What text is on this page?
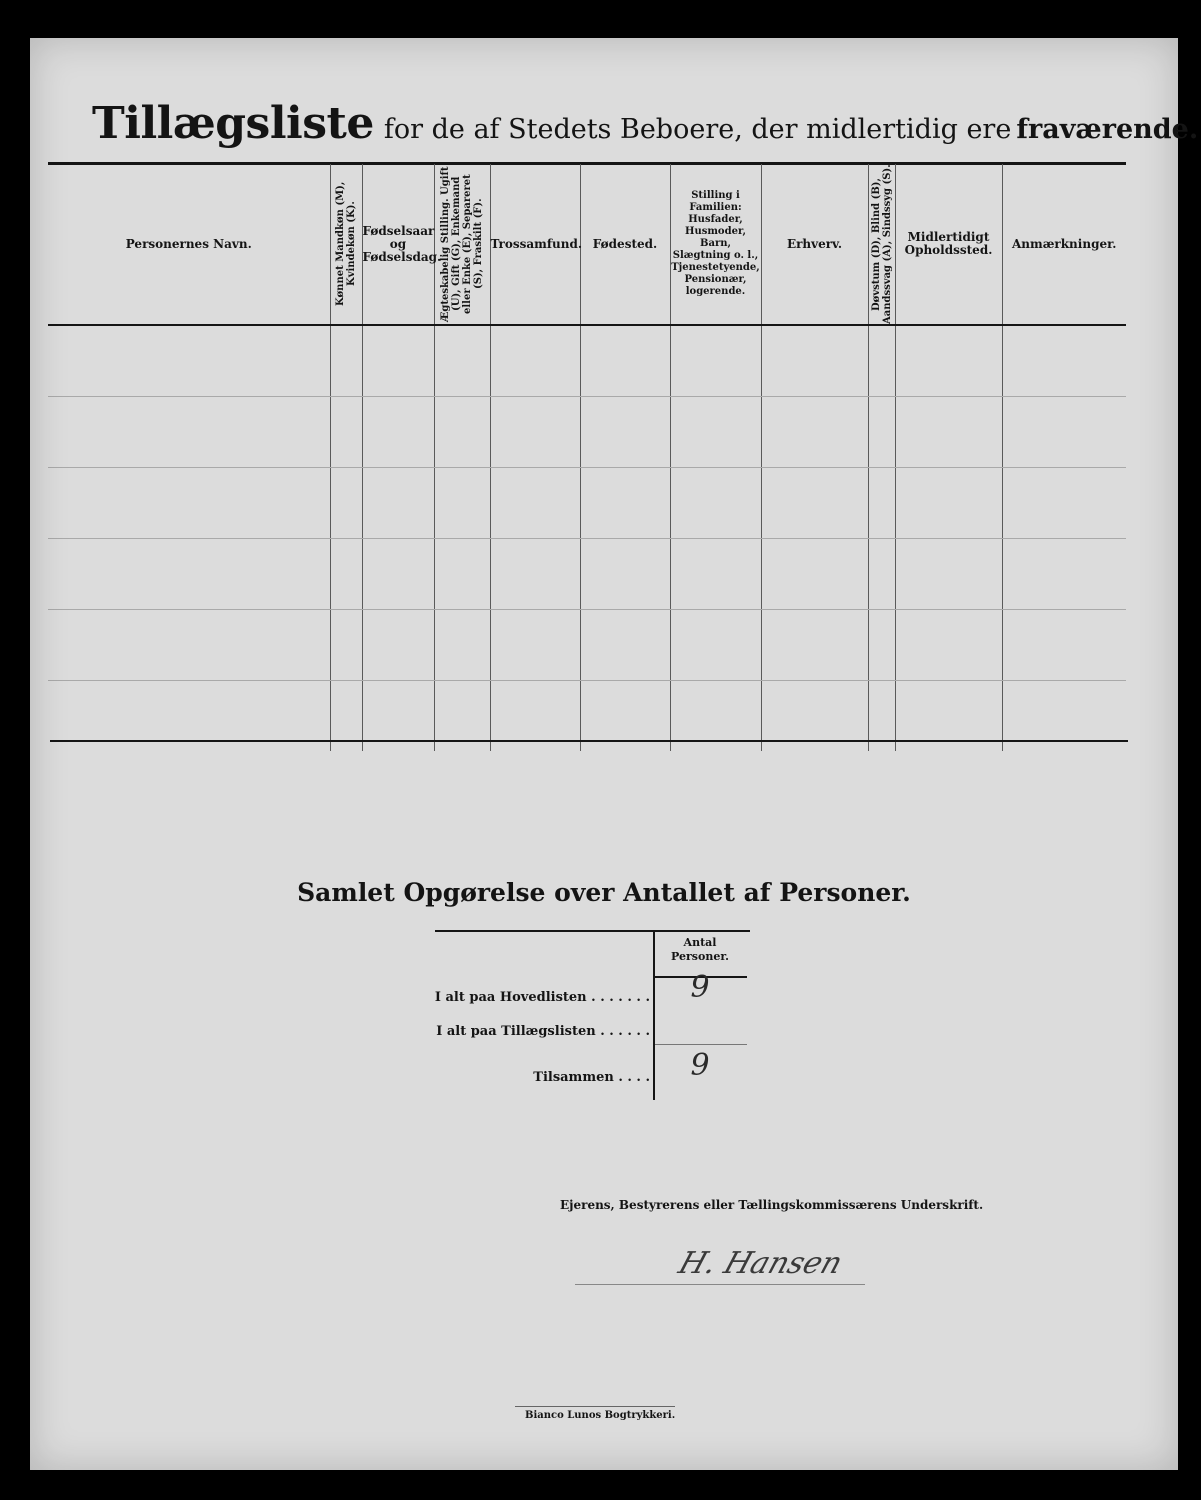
Tillægsliste for de af Stedets Beboere, der midlertidig ere fraværende.
Personernes Navn.	Kønnet Mandkøn (M), Kvindekøn (K).	Fødselsaar og Fødselsdag.	Ægteskabelig Stilling. Ugift (U), Gift (G), Enkemand eller Enke (E), Separeret (S), Fraskilt (F).	Trossamfund.	Fødested.	Stilling i Familien: Husfader, Husmoder, Barn, Slægtning o. l., Tjenestetyende, Pensionær, logerende.	Erhverv.	Døvstum (D), Blind (B), Aandssvag (A), Sindssyg (S).	Midlertidigt Opholdssted.	Anmærkninger.

Samlet Opgørelse over Antallet af Personer.
Antal Personer.
I alt paa Hovedlisten . . . . . . .	9
I alt paa Tillægslisten . . . . . .
Tilsammen . . . .	9
Ejerens, Bestyrerens eller Tællingskommissærens Underskrift.
H. Hansen
Bianco Lunos Bogtrykkeri.
